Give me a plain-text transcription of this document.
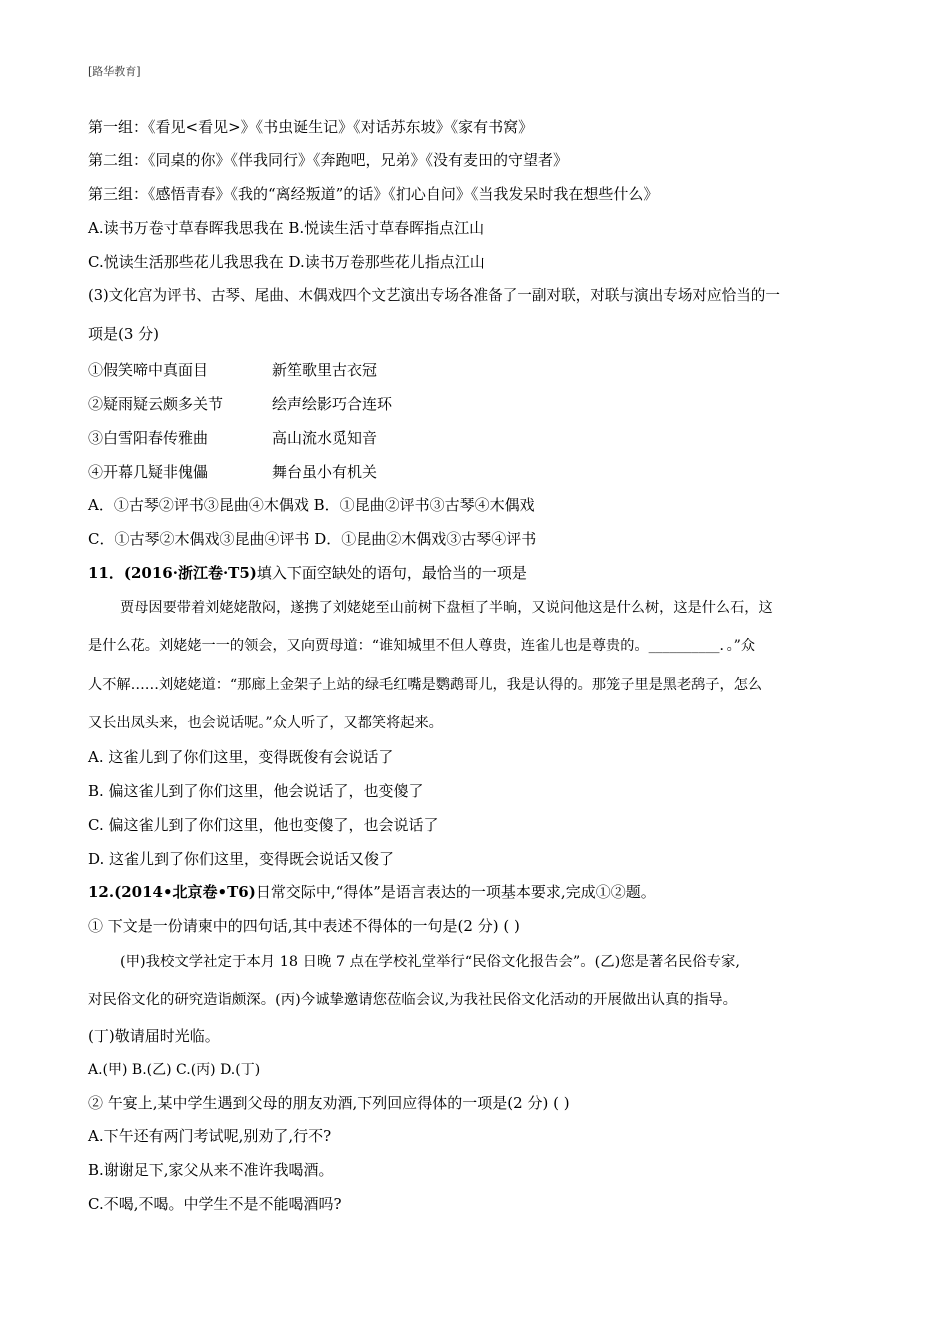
[路华教育]
第一组：《看见<看见>》《书虫诞生记》《对话苏东坡》《家有书窝》
第二组：《同桌的你》《伴我同行》《奔跑吧，兄弟》《没有麦田的守望者》
第三组：《感悟青春》《我的“离经叛道”的话》《扪心自问》《当我发呆时我在想些什么》
A.读书万卷寸草春晖我思我在 B.悦读生活寸草春晖指点江山
C.悦读生活那些花儿我思我在 D.读书万卷那些花儿指点江山
(3)文化宫为评书、古琴、尾曲、木偶戏四个文艺演出专场各准备了一副对联，对联与演出专场对应恰当的一
项是(3 分)
①假笑啼中真面目	新笙歌里古衣冠
②疑雨疑云颇多关节	绘声绘影巧合连环
③白雪阳春传雅曲	高山流水觅知音
④开幕几疑非傀儡	舞台虽小有机关
A．①古琴②评书③昆曲④木偶戏 B．①昆曲②评书③古琴④木偶戏
C．①古琴②木偶戏③昆曲④评书 D．①昆曲②木偶戏③古琴④评书
11．(2016·浙江卷·T5)填入下面空缺处的语句，最恰当的一项是
贾母因要带着刘姥姥散闷，遂携了刘姥姥至山前树下盘桓了半晌，又说问他这是什么树，这是什么石，这
是什么花。刘姥姥一一的领会，又向贾母道：“谁知城里不但人尊贵，连雀儿也是尊贵的。__________．。”众
人不解……刘姥姥道：“那廊上金架子上站的绿毛红嘴是鹦鹉哥儿，我是认得的。那笼子里是黑老鸹子，怎么
又长出凤头来，也会说话呢。”众人听了，又都笑将起来。
A. 这雀儿到了你们这里，变得既俊有会说话了
B. 偏这雀儿到了你们这里，他会说话了，也变傻了
C. 偏这雀儿到了你们这里，他也变傻了，也会说话了
D. 这雀儿到了你们这里，变得既会说话又俊了
12.(2014•北京卷•T6)日常交际中,“得体”是语言表达的一项基本要求,完成①②题。
① 下文是一份请柬中的四句话,其中表述不得体的一句是(2 分) ( )
(甲)我校文学社定于本月 18 日晚 7 点在学校礼堂举行“民俗文化报告会”。(乙)您是著名民俗专家,
对民俗文化的研究造诣颇深。(丙)今诚挚邀请您莅临会议,为我社民俗文化活动的开展做出认真的指导。
(丁)敬请届时光临。
A.(甲) B.(乙) C.(丙) D.(丁)
② 午宴上,某中学生遇到父母的朋友劝酒,下列回应得体的一项是(2 分) ( )
A.下午还有两门考试呢,别劝了,行不?
B.谢谢足下,家父从来不准许我喝酒。
C.不喝,不喝。中学生不是不能喝酒吗?
